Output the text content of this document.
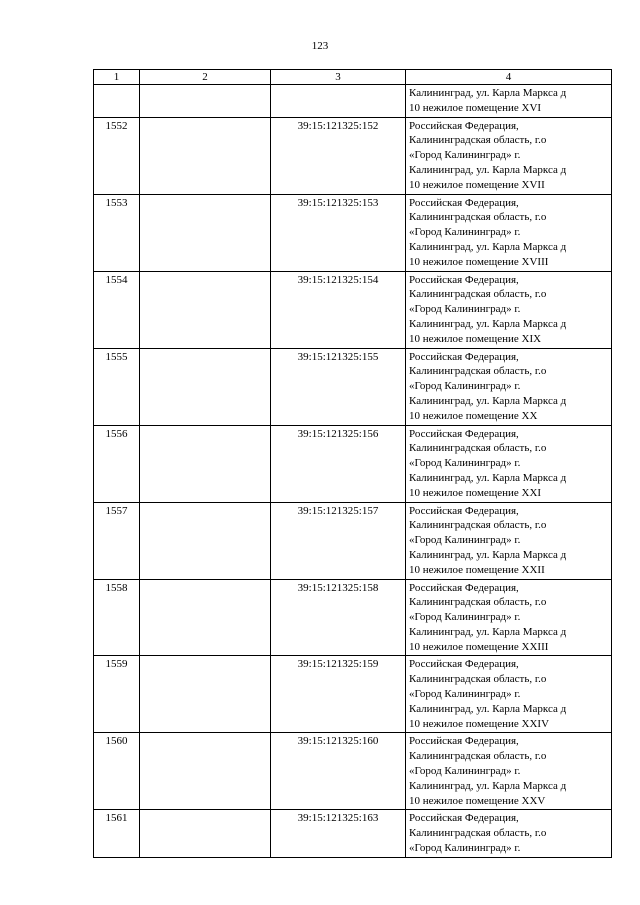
123
1	2	3	4
			Калининград, ул. Карла Маркса д
10 нежилое помещение XVI
1552		39:15:121325:152	Российская Федерация,
Калининградская область, г.о
«Город Калининград» г.
Калининград, ул. Карла Маркса д
10 нежилое помещение XVII
1553		39:15:121325:153	Российская Федерация,
Калининградская область, г.о
«Город Калининград» г.
Калининград, ул. Карла Маркса д
10 нежилое помещение XVIII
1554		39:15:121325:154	Российская Федерация,
Калининградская область, г.о
«Город Калининград» г.
Калининград, ул. Карла Маркса д
10 нежилое помещение XIX
1555		39:15:121325:155	Российская Федерация,
Калининградская область, г.о
«Город Калининград» г.
Калининград, ул. Карла Маркса д
10 нежилое помещение XX
1556		39:15:121325:156	Российская Федерация,
Калининградская область, г.о
«Город Калининград» г.
Калининград, ул. Карла Маркса д
10 нежилое помещение XXI
1557		39:15:121325:157	Российская Федерация,
Калининградская область, г.о
«Город Калининград» г.
Калининград, ул. Карла Маркса д
10 нежилое помещение XXII
1558		39:15:121325:158	Российская Федерация,
Калининградская область, г.о
«Город Калининград» г.
Калининград, ул. Карла Маркса д
10 нежилое помещение XXIII
1559		39:15:121325:159	Российская Федерация,
Калининградская область, г.о
«Город Калининград» г.
Калининград, ул. Карла Маркса д
10 нежилое помещение XXIV
1560		39:15:121325:160	Российская Федерация,
Калининградская область, г.о
«Город Калининград» г.
Калининград, ул. Карла Маркса д
10 нежилое помещение XXV
1561		39:15:121325:163	Российская Федерация,
Калининградская область, г.о
«Город Калининград» г.
